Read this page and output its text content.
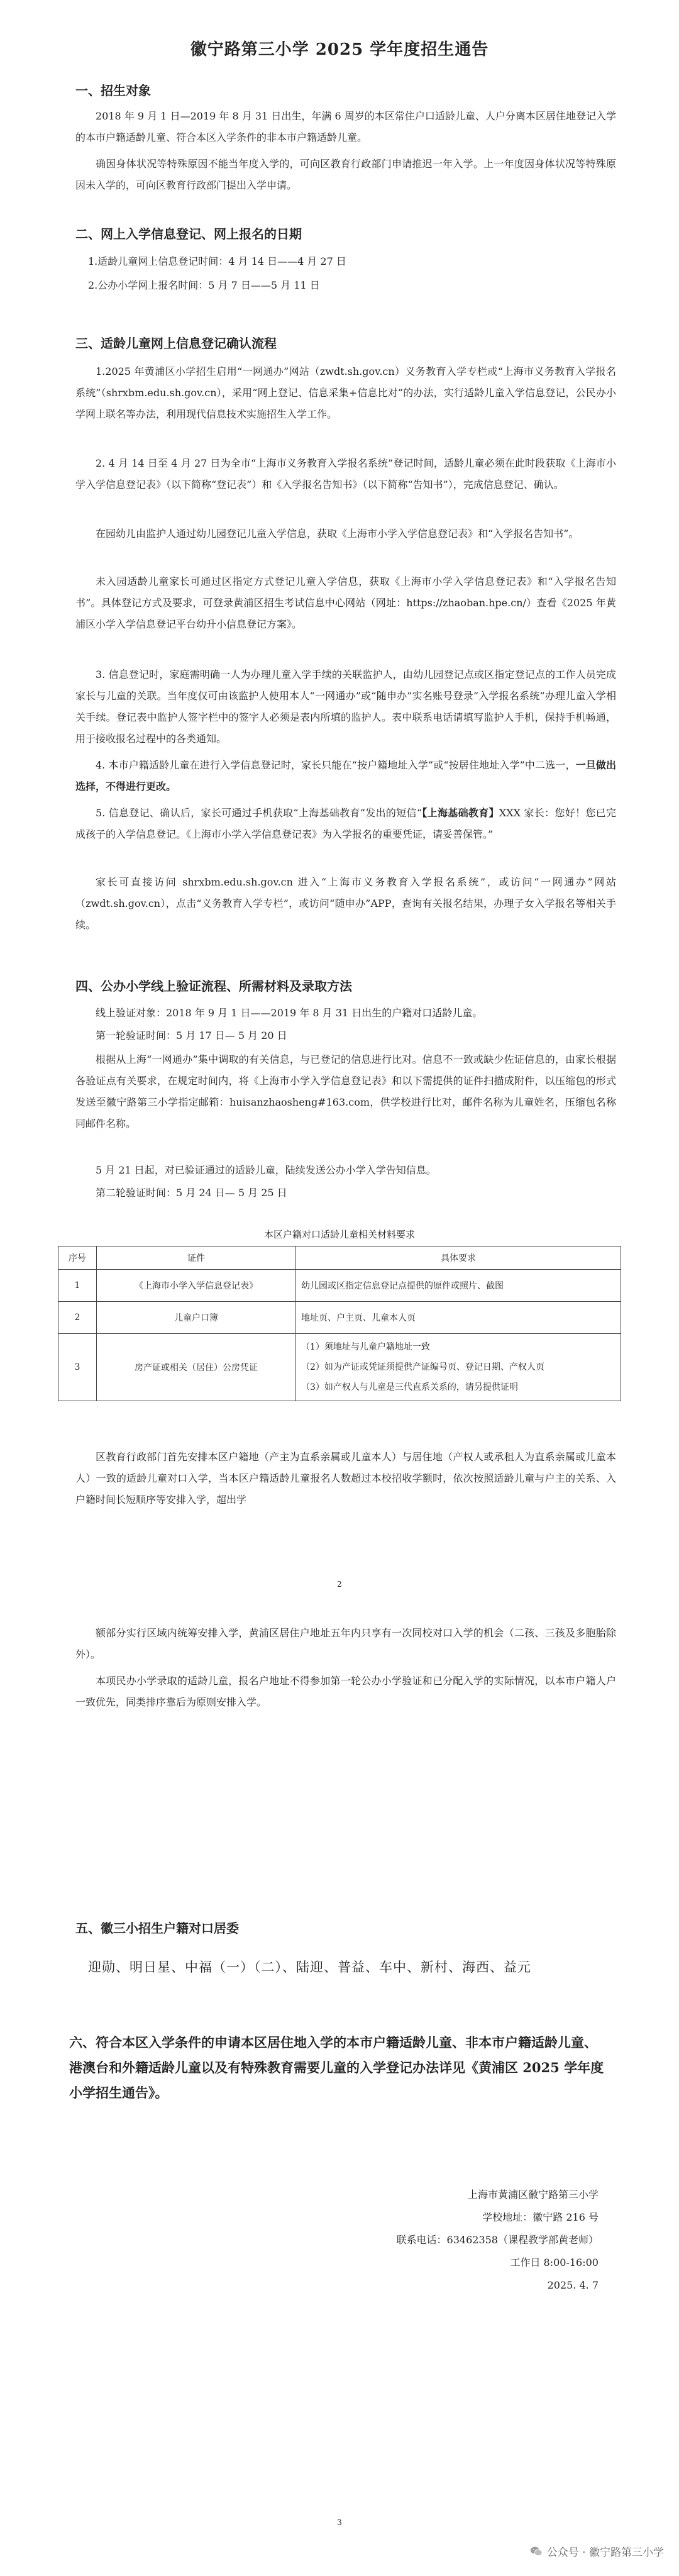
徽宁路第三小学 2025 学年度招生通告
一、招生对象
2018 年 9 月 1 日—2019 年 8 月 31 日出生，年满 6 周岁的本区常住户口适龄儿童、人户分离本区居住地登记入学的本市户籍适龄儿童、符合本区入学条件的非本市户籍适龄儿童。
确因身体状况等特殊原因不能当年度入学的，可向区教育行政部门申请推迟一年入学。上一年度因身体状况等特殊原因未入学的，可向区教育行政部门提出入学申请。
二、网上入学信息登记、网上报名的日期
1.适龄儿童网上信息登记时间：4 月 14 日——4 月 27 日
2.公办小学网上报名时间：5 月 7 日——5 月 11 日
三、适龄儿童网上信息登记确认流程
1.2025 年黄浦区小学招生启用“一网通办”网站（zwdt.sh.gov.cn）义务教育入学专栏或“上海市义务教育入学报名系统”（shrxbm.edu.sh.gov.cn），采用“网上登记、信息采集+信息比对”的办法，实行适龄儿童入学信息登记，公民办小学网上联名等办法，利用现代信息技术实施招生入学工作。
2. 4 月 14 日至 4 月 27 日为全市“上海市义务教育入学报名系统”登记时间，适龄儿童必须在此时段获取《上海市小学入学信息登记表》（以下简称“登记表”）和《入学报名告知书》（以下简称“告知书”），完成信息登记、确认。
在园幼儿由监护人通过幼儿园登记儿童入学信息，获取《上海市小学入学信息登记表》和“入学报名告知书”。
未入园适龄儿童家长可通过区指定方式登记儿童入学信息，获取《上海市小学入学信息登记表》和“入学报名告知书”。具体登记方式及要求，可登录黄浦区招生考试信息中心网站（网址：https://zhaoban.hpe.cn/）查看《2025 年黄浦区小学入学信息登记平台幼升小信息登记方案》。
3. 信息登记时，家庭需明确一人为办理儿童入学手续的关联监护人，由幼儿园登记点或区指定登记点的工作人员完成家长与儿童的关联。当年度仅可由该监护人使用本人“一网通办”或“随申办”实名账号登录“入学报名系统”办理儿童入学相关手续。登记表中监护人签字栏中的签字人必须是表内所填的监护人。表中联系电话请填写监护人手机，保持手机畅通，用于接收报名过程中的各类通知。
4. 本市户籍适龄儿童在进行入学信息登记时，家长只能在“按户籍地址入学”或“按居住地址入学”中二选一，一旦做出选择，不得进行更改。
5. 信息登记、确认后，家长可通过手机获取“上海基础教育”发出的短信“【上海基础教育】XXX 家长：您好！您已完成孩子的入学信息登记。《上海市小学入学信息登记表》为入学报名的重要凭证，请妥善保管。”
家长可直接访问 shrxbm.edu.sh.gov.cn 进入“上海市义务教育入学报名系统”，或访问“一网通办”网站（zwdt.sh.gov.cn），点击“义务教育入学专栏”，或访问“随申办”APP，查询有关报名结果，办理子女入学报名等相关手续。
四、公办小学线上验证流程、所需材料及录取方法
线上验证对象：2018 年 9 月 1 日——2019 年 8 月 31 日出生的户籍对口适龄儿童。
第一轮验证时间：5 月 17 日— 5 月 20 日
根据从上海“一网通办”集中调取的有关信息，与已登记的信息进行比对。信息不一致或缺少佐证信息的，由家长根据各验证点有关要求，在规定时间内，将《上海市小学入学信息登记表》和以下需提供的证件扫描成附件，以压缩包的形式发送至徽宁路第三小学指定邮箱：huisanzhaosheng#163.com，供学校进行比对，邮件名称为儿童姓名，压缩包名称同邮件名称。
5 月 21 日起，对已验证通过的适龄儿童，陆续发送公办小学入学告知信息。
第二轮验证时间：5 月 24 日— 5 月 25 日
本区户籍对口适龄儿童相关材料要求
序号	证件	具体要求
1	《上海市小学入学信息登记表》	幼儿园或区指定信息登记点提供的原件或照片、截图
2	儿童户口簿	地址页、户主页、儿童本人页
3	房产证或相关（居住）公房凭证	（1）须地址与儿童户籍地址一致
（2）如为产证或凭证须提供产证编号页、登记日期、产权人页
（3）如产权人与儿童是三代直系关系的，请另提供证明
区教育行政部门首先安排本区户籍地（产主为直系亲属或儿童本人）与居住地（产权人或承租人为直系亲属或儿童本人）一致的适龄儿童对口入学，当本区户籍适龄儿童报名人数超过本校招收学额时，依次按照适龄儿童与户主的关系、入户籍时间长短顺序等安排入学，超出学
2
额部分实行区域内统筹安排入学，黄浦区居住户地址五年内只享有一次同校对口入学的机会（二孩、三孩及多胞胎除外）。
本项民办小学录取的适龄儿童，报名户地址不得参加第一轮公办小学验证和已分配入学的实际情况，以本市户籍人户一致优先，同类排序靠后为原则安排入学。
五、徽三小招生户籍对口居委
迎勋、明日星、中福（一）（二）、陆迎、普益、车中、新村、海西、益元
六、符合本区入学条件的申请本区居住地入学的本市户籍适龄儿童、非本市户籍适龄儿童、港澳台和外籍适龄儿童以及有特殊教育需要儿童的入学登记办法详见《黄浦区 2025 学年度小学招生通告》。
上海市黄浦区徽宁路第三小学
学校地址：徽宁路 216 号
联系电话：63462358（课程教学部黄老师）
工作日 8:00-16:00
2025. 4. 7
3
公众号 · 徽宁路第三小学
